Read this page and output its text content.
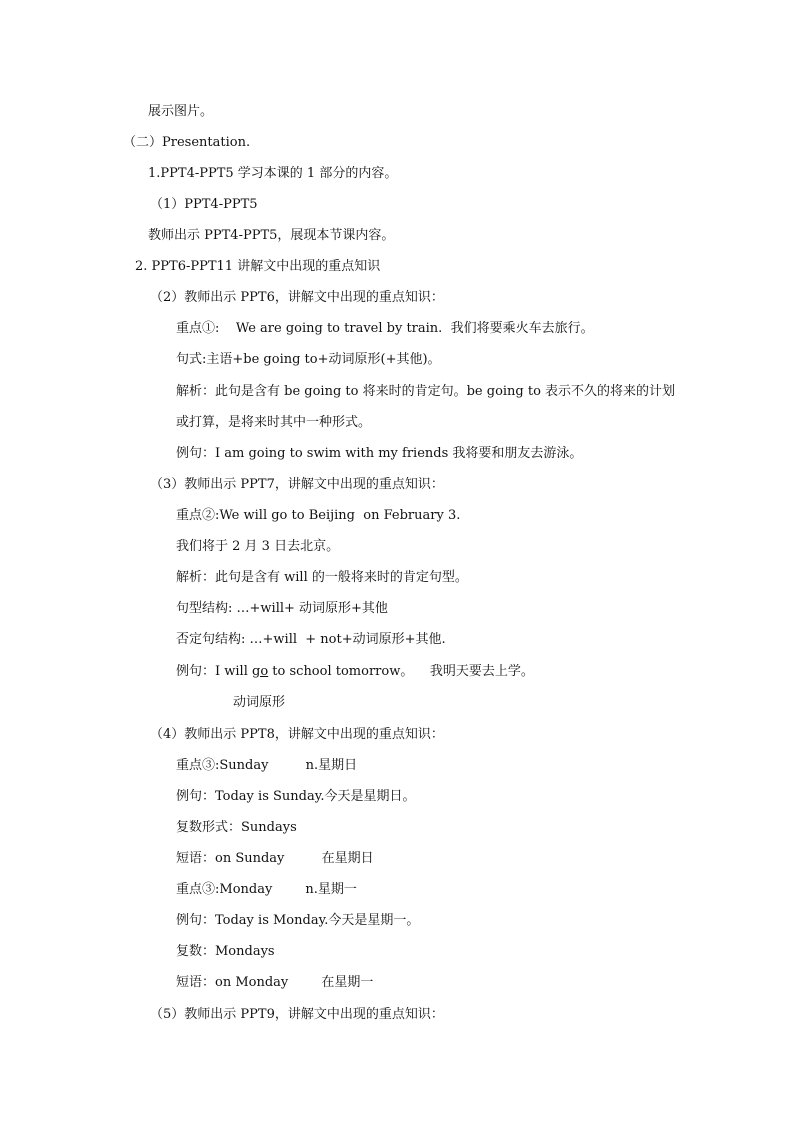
展示图片。
（二）Presentation.
1.PPT4-PPT5 学习本课的 1 部分的内容。
（1）PPT4-PPT5
教师出示 PPT4-PPT5，展现本节课内容。
2. PPT6-PPT11 讲解文中出现的重点知识
（2）教师出示 PPT6，讲解文中出现的重点知识：
重点①:    We are going to travel by train.  我们将要乘火车去旅行。
句式:主语+be going to+动词原形(+其他)。
解析：此句是含有 be going to 将来时的肯定句。be going to 表示不久的将来的计划
或打算，是将来时其中一种形式。
例句：I am going to swim with my friends 我将要和朋友去游泳。
（3）教师出示 PPT7，讲解文中出现的重点知识：
重点②:We will go to Beijing  on February 3.
我们将于 2 月 3 日去北京。
解析：此句是含有 will 的一般将来时的肯定句型。
句型结构: …+will+ 动词原形+其他
否定句结构: …+will  + not+动词原形+其他.
例句：I will go to school tomorrow。    我明天要去上学。
动词原形
（4）教师出示 PPT8，讲解文中出现的重点知识：
重点③:Sunday         n.星期日
例句：Today is Sunday.今天是星期日。
复数形式：Sundays
短语：on Sunday         在星期日
重点③:Monday        n.星期一
例句：Today is Monday.今天是星期一。
复数：Mondays
短语：on Monday        在星期一
（5）教师出示 PPT9，讲解文中出现的重点知识：
